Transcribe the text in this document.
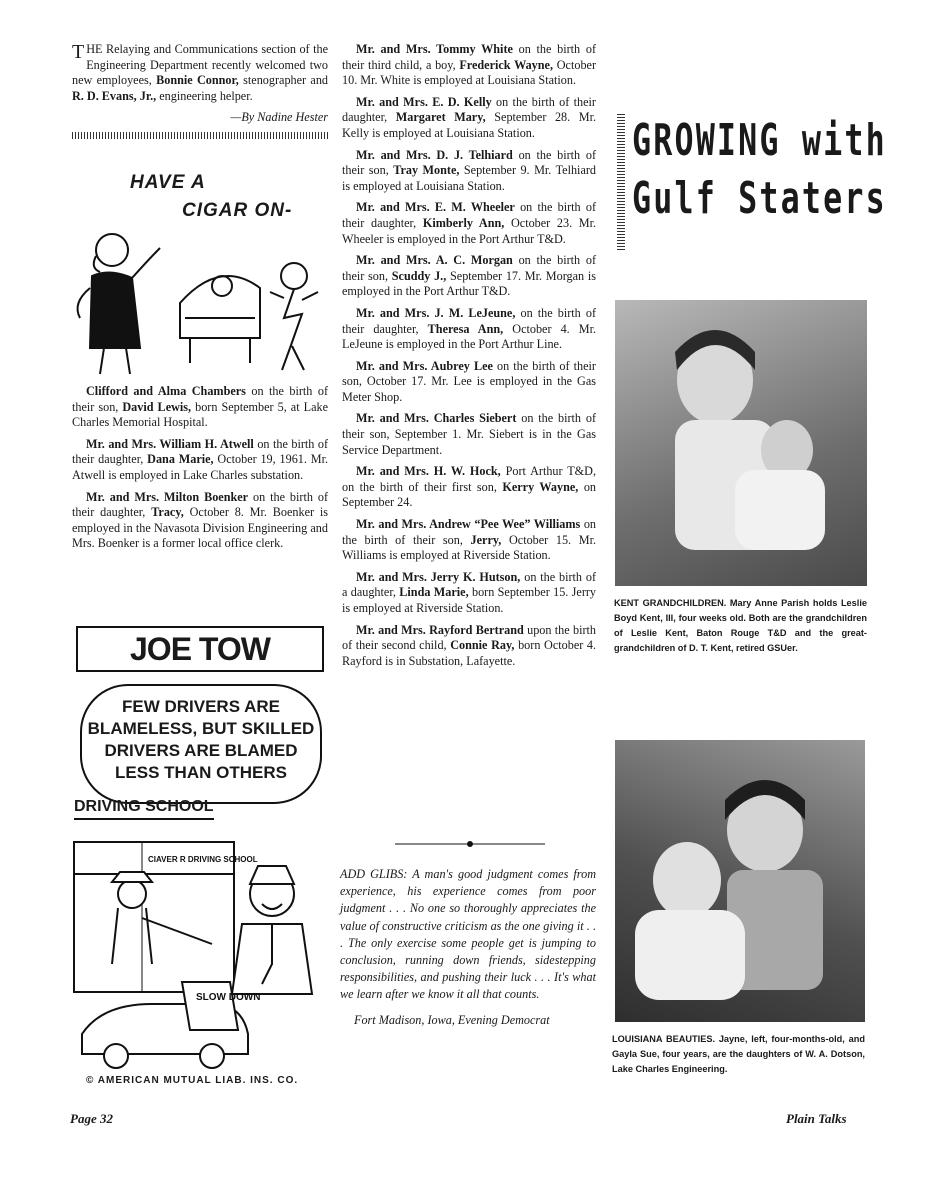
T HE Relaying and Communications section of the Engineering Department recently welcomed two new employees, Bonnie Connor, stenographer and R. D. Evans, Jr., engineering helper.

—By Nadine Hester

HAVE A
CIGAR ON-

Clifford and Alma Chambers on the birth of their son, David Lewis, born September 5, at Lake Charles Memorial Hospital.

Mr. and Mrs. William H. Atwell on the birth of their daughter, Dana Marie, October 19, 1961. Mr. Atwell is employed in Lake Charles substation.

Mr. and Mrs. Milton Boenker on the birth of their daughter, Tracy, October 8. Mr. Boenker is employed in the Navasota Division Engineering and Mrs. Boenker is a former local office clerk.

JOE TOW
FEW DRIVERS ARE
BLAMELESS, BUT SKILLED
DRIVERS ARE BLAMED
LESS THAN OTHERS
DRIVING SCHOOL
SLOW DOWN
CIAVER R DRIVING SCHOOL
© AMERICAN MUTUAL LIAB. INS. CO.

Mr. and Mrs. Tommy White on the birth of their third child, a boy, Frederick Wayne, October 10. Mr. White is employed at Louisiana Station.

Mr. and Mrs. E. D. Kelly on the birth of their daughter, Margaret Mary, September 28. Mr. Kelly is employed at Louisiana Station.

Mr. and Mrs. D. J. Telhiard on the birth of their son, Tray Monte, September 9. Mr. Telhiard is employed at Louisiana Station.

Mr. and Mrs. E. M. Wheeler on the birth of their daughter, Kimberly Ann, October 23. Mr. Wheeler is employed in the Port Arthur T&D.

Mr. and Mrs. A. C. Morgan on the birth of their son, Scuddy J., September 17. Mr. Morgan is employed in the Port Arthur T&D.

Mr. and Mrs. J. M. LeJeune, on the birth of their daughter, Theresa Ann, October 4. Mr. LeJeune is employed in the Port Arthur Line.

Mr. and Mrs. Aubrey Lee on the birth of their son, October 17. Mr. Lee is employed in the Gas Meter Shop.

Mr. and Mrs. Charles Siebert on the birth of their son, September 1. Mr. Siebert is in the Gas Service Department.

Mr. and Mrs. H. W. Hock, Port Arthur T&D, on the birth of their first son, Kerry Wayne, on September 24.

Mr. and Mrs. Andrew “Pee Wee” Williams on the birth of their son, Jerry, October 15. Mr. Williams is employed at Riverside Station.

Mr. and Mrs. Jerry K. Hutson, on the birth of a daughter, Linda Marie, born September 15. Jerry is employed at Riverside Station.

Mr. and Mrs. Rayford Bertrand upon the birth of their second child, Connie Ray, born October 4. Rayford is in Substation, Lafayette.

ADD GLIBS: A man's good judgment comes from experience, his experience comes from poor judgment . . . No one so thoroughly appreciates the value of constructive criticism as the one giving it . . . The only exercise some people get is jumping to conclusion, running down friends, sidestepping responsibilities, and pushing their luck . . . It's what we learn after we know it all that counts.
Fort Madison, Iowa, Evening Democrat
GROWING with
Gulf Staters
KENT GRANDCHILDREN. Mary Anne Parish holds Leslie Boyd Kent, III, four weeks old. Both are the grandchildren of Leslie Kent, Baton Rouge T&D and the great-grandchildren of D. T. Kent, retired GSUer.
LOUISIANA BEAUTIES. Jayne, left, four-months-old, and Gayla Sue, four years, are the daughters of W. A. Dotson, Lake Charles Engineering.
Page 32	Plain Talks
